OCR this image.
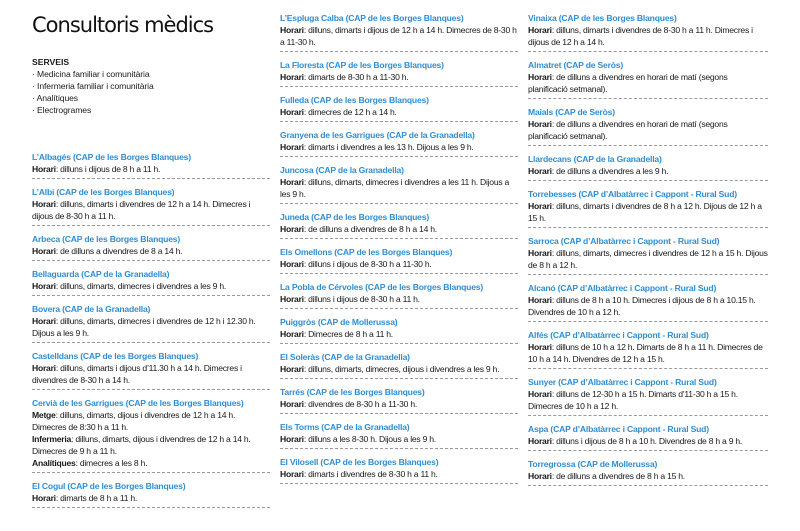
Consultoris mèdics
SERVEIS
· Medicina familiar i comunitària
· Infermeria familiar i comunitària
· Analítiques
· Electrogrames
L’Albagés (CAP de les Borges Blanques)
Horari: dilluns i dijous de 8 h a 11 h.
L’Albi (CAP de les Borges Blanques)
Horari: dilluns, dimarts i divendres de 12 h a 14 h. Dimecres i dijous de 8-30 h a 11 h.
Arbeca (CAP de les Borges Blanques)
Horari: de dilluns a divendres de 8 a 14 h.
Bellaguarda (CAP de la Granadella)
Horari: dilluns, dimarts, dimecres i divendres a les 9 h.
Bovera (CAP de la Granadella)
Horari: dilluns, dimarts, dimecres i divendres de 12 h i 12.30 h. Dijous a les 9 h.
Castelldans (CAP de les Borges Blanques)
Horari: dilluns, dimarts i dijous d’11.30 h a 14 h. Dimecres i divendres de 8-30 h a 14 h.
Cervià de les Garrigues (CAP de les Borges Blanques)
Metge: dilluns, dimarts, dijous i divendres de 12 h a 14 h. Dimecres de 8:30 h a 11 h.
Infermeria: dilluns, dimarts, dijous i divendres de 12 h a 14 h. Dimecres de 9 h a 11 h.
Analítiques: dimecres a les 8 h.
El Cogul (CAP de les Borges Blanques)
Horari: dimarts de 8 h a 11 h.
L’Espluga Calba (CAP de les Borges Blanques)
Horari: dilluns, dimarts i dijous de 12 h a 14 h. Dimecres de 8-30 h a 11-30 h.
La Floresta (CAP de les Borges Blanques)
Horari: dimarts de 8-30 h a 11-30 h.
Fulleda (CAP de les Borges Blanques)
Horari: dimecres de 12 h a 14 h.
Granyena de les Garrigues (CAP de la Granadella)
Horari: dimarts i divendres a les 13 h. Dijous a les 9 h.
Juncosa (CAP de la Granadella)
Horari: dilluns, dimarts, dimecres i divendres a les 11 h. Dijous a les 9 h.
Juneda (CAP de les Borges Blanques)
Horari: de dilluns a divendres de 8 h a 14 h.
Els Omellons (CAP de les Borges Blanques)
Horari: dilluns i dijous de 8-30 h a 11-30 h.
La Pobla de Cérvoles (CAP de les Borges Blanques)
Horari: dilluns i dijous de 8-30 h a 11 h.
Puiggròs (CAP de Mollerussa)
Horari: Dimecres de 8 h a 11 h.
El Soleràs (CAP de la Granadella)
Horari: dilluns, dimarts, dimecres, dijous i divendres a les 9 h.
Tarrés (CAP de les Borges Blanques)
Horari: divendres de 8-30 h a 11-30 h.
Els Torms (CAP de la Granadella)
Horari: dilluns a les 8-30 h. Dijous a les 9 h.
El Vilosell (CAP de les Borges Blanques)
Horari: dimarts i divendres de 8-30 h a 11 h.
Vinaixa (CAP de les Borges Blanques)
Horari: dilluns, dimarts i divendres de 8-30 h a 11 h. Dimecres i dijous de 12 h a 14 h.
Almatret (CAP de Seròs)
Horari: de dilluns a divendres en horari de matí (segons planificació setmanal).
Maials (CAP de Seròs)
Horari: de dilluns a divendres en horari de matí (segons planificació setmanal).
Llardecans (CAP de la Granadella)
Horari: de dilluns a divendres a les 9 h.
Torrebesses (CAP d’Albatàrrec i Cappont - Rural Sud)
Horari: dilluns, dimarts i divendres de 8 h a 12 h. Dijous de 12 h a 15 h.
Sarroca (CAP d’Albatàrrec i Cappont - Rural Sud)
Horari: dilluns, dimarts, dimecres i divendres de 12 h a 15 h. Dijous de 8 h a 12 h.
Alcanó (CAP d’Albatàrrec i Cappont - Rural Sud)
Horari: dilluns de 8 h a 10 h. Dimecres i dijous de 8 h a 10.15 h. Divendres de 10 h a 12 h.
Alfés (CAP d’Albatàrrec i Cappont - Rural Sud)
Horari: dilluns de 10 h a 12 h. Dimarts de 8 h a 11 h. Dimecres de 10 h a 14 h. Divendres de 12 h a 15 h.
Sunyer (CAP d’Albatàrrec i Cappont - Rural Sud)
Horari: dilluns de 12-30 h a 15 h. Dimarts d’11-30 h a 15 h. Dimecres de 10 h a 12 h.
Aspa (CAP d’Albatàrrec i Cappont - Rural Sud)
Horari: dilluns i dijous de 8 h a 10 h. Divendres de 8 h a 9 h.
Torregrossa (CAP de Mollerussa)
Horari: de dilluns a divendres de 8 h a 15 h.
